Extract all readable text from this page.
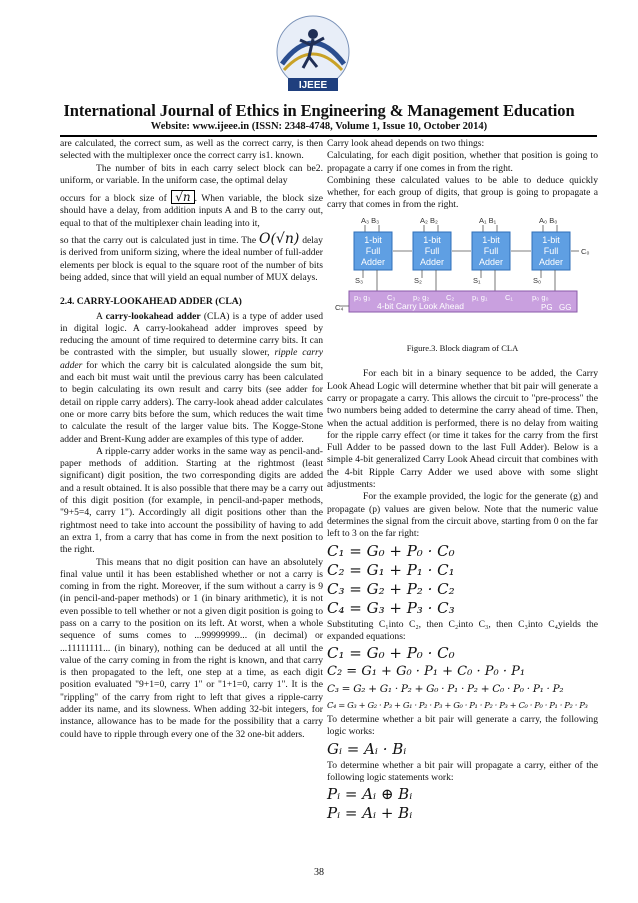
IJEEE
International Journal of Ethics in Engineering & Management Education
Website: www.ijeee.in (ISSN: 2348-4748, Volume 1, Issue 10, October 2014)

are calculated, the correct sum, as well as the correct carry, is then selected with the multiplexer once the correct carry is1. known.

The number of bits in each carry select block can be2. uniform, or variable. In the uniform case, the optimal delay

occurs for a block size of √n . When variable, the block size should have a delay, from addition inputs A and B to the carry out, equal to that of the multiplexer chain leading into it,

so that the carry out is calculated just in time. The O(√n) delay is derived from uniform sizing, where the ideal number of full-adder elements per block is equal to the square root of the number of bits being added, since that will yield an equal number of MUX delays.

2.4. CARRY-LOOKAHEAD ADDER (CLA)

A carry-lookahead adder (CLA) is a type of adder used in digital logic. A carry-lookahead adder improves speed by reducing the amount of time required to determine carry bits. It can be contrasted with the simpler, but usually slower, ripple carry adder for which the carry bit is calculated alongside the sum bit, and each bit must wait until the previous carry has been calculated to begin calculating its own result and carry bits (see adder for detail on ripple carry adders). The carry-look ahead adder calculates one or more carry bits before the sum, which reduces the wait time to calculate the result of the larger value bits. The Kogge-Stone adder and Brent-Kung adder are examples of this type of adder.

A ripple-carry adder works in the same way as pencil-and-paper methods of addition. Starting at the rightmost (least significant) digit position, the two corresponding digits are added and a result obtained. It is also possible that there may be a carry out of this digit position (for example, in pencil-and-paper methods, "9+5=4, carry 1"). Accordingly all digit positions other than the rightmost need to take into account the possibility of having to add an extra 1, from a carry that has come in from the next position to the right.

This means that no digit position can have an absolutely final value until it has been established whether or not a carry is coming in from the right. Moreover, if the sum without a carry is 9 (in pencil-and-paper methods) or 1 (in binary arithmetic), it is not even possible to tell whether or not a given digit position is going to pass on a carry to the position on its left. At worst, when a whole sequence of sums comes to ...99999999... (in decimal) or ...11111111... (in binary), nothing can be deduced at all until the value of the carry coming in from the right is known, and that carry is then propagated to the left, one step at a time, as each digit position evaluated "9+1=0, carry 1" or "1+1=0, carry 1". It is the "rippling" of the carry from right to left that gives a ripple-carry adder its name, and its slowness. When adding 32-bit integers, for instance, allowance has to be made for the possibility that a carry could have to ripple through every one of the 32 one-bit adders.

Carry look ahead depends on two things:

Calculating, for each digit position, whether that position is going to propagate a carry if one comes in from the right.

Combining these calculated values to be able to deduce quickly whether, for each group of digits, that group is going to propagate a carry that comes in from the right.

A₃ B₃	A₂ B₂	A₁ B₁	A₀ B₀
1-bit
Full
Adder
1-bit
Full
Adder
1-bit
Full
Adder
1-bit
Full
Adder
S₃	S₂	S₁	S₀
C₀
C₄
p₃ g₃ C₃ p₂ g₂ C₂ p₁ g₁ C₁	p₀ g₀
4-bit Carry Look Ahead	PG GG
Figure.3. Block diagram of CLA

For each bit in a binary sequence to be added, the Carry Look Ahead Logic will determine whether that bit pair will generate a carry or propagate a carry. This allows the circuit to "pre-process" the two numbers being added to determine the carry ahead of time. Then, when the actual addition is performed, there is no delay from waiting for the ripple carry effect (or time it takes for the carry from the first Full Adder to be passed down to the last Full Adder). Below is a simple 4-bit generalized Carry Look Ahead circuit that combines with the 4-bit Ripple Carry Adder we used above with some slight adjustments:

For the example provided, the logic for the generate (g) and propagate (p) values are given below. Note that the numeric value determines the signal from the circuit above, starting from 0 on the far left to 3 on the far right:

C₁ = G₀ + P₀ · C₀
C₂ = G₁ + P₁ · C₁
C₃ = G₂ + P₂ · C₂
C₄ = G₃ + P₃ · C₃

Substituting C₁into C₂, then C₂into C₃, then C₃into C₄yields the expanded equations:

C₁ = G₀ + P₀ · C₀
C₂ = G₁ + G₀ · P₁ + C₀ · P₀ · P₁
C₃ = G₂ + G₁ · P₂ + G₀ · P₁ · P₂ + C₀ · P₀ · P₁ · P₂
C₄ = G₃ + G₂ · P₃ + G₁ · P₂ · P₃ + G₀ · P₁ · P₂ · P₃ + C₀ · P₀ · P₁ · P₂ · P₃

To determine whether a bit pair will generate a carry, the following logic works:

Gᵢ = Aᵢ · Bᵢ

To determine whether a bit pair will propagate a carry, either of the following logic statements work:

Pᵢ = Aᵢ ⊕ Bᵢ
Pᵢ = Aᵢ + Bᵢ
38
